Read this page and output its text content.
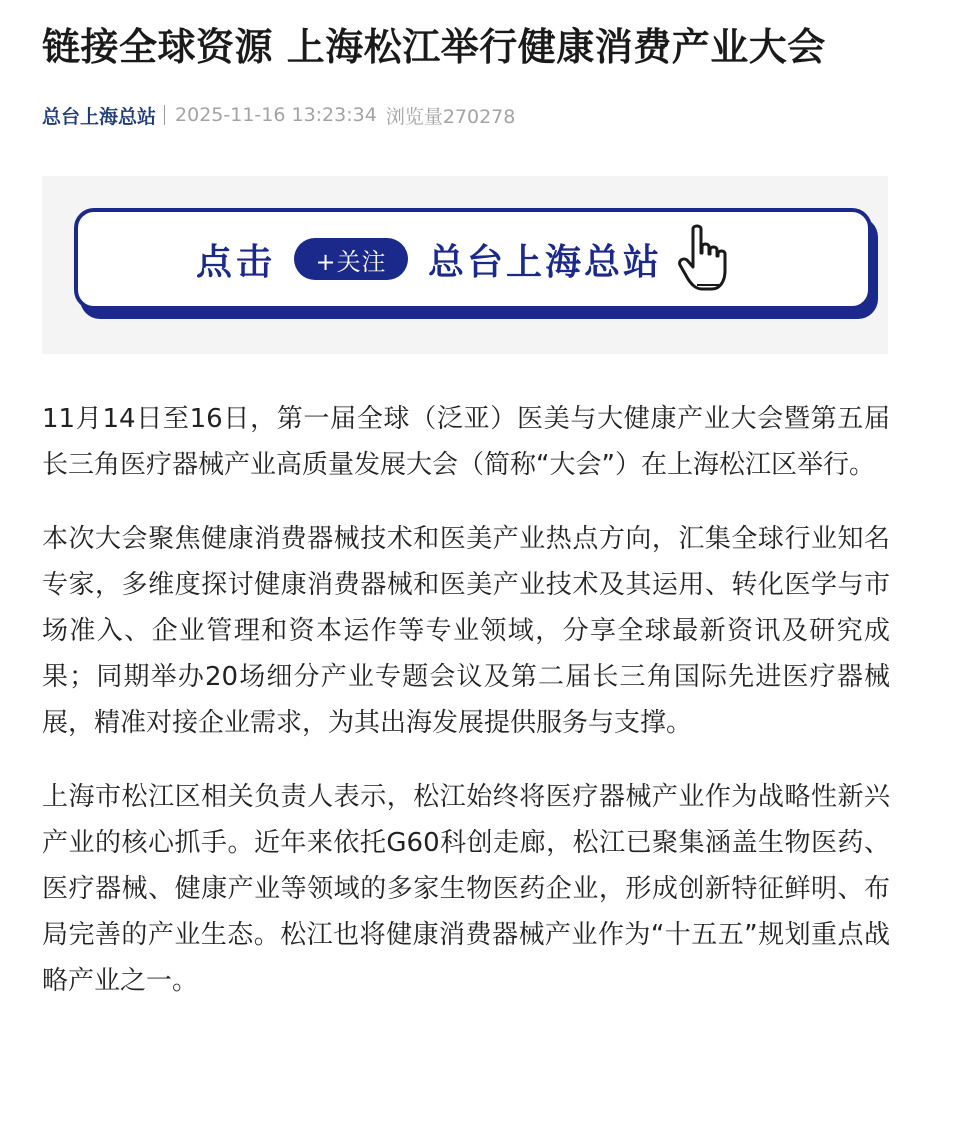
链接全球资源 上海松江举行健康消费产业大会
总台上海总站 2025-11-16 13:23:34 浏览量270278
点击	+关注	总台上海总站

11月14日至16日，第一届全球（泛亚）医美与大健康产业大会暨第五届长三角医疗器械产业高质量发展大会（简称“大会”）在上海松江区举行。

本次大会聚焦健康消费器械技术和医美产业热点方向，汇集全球行业知名专家，多维度探讨健康消费器械和医美产业技术及其运用、转化医学与市场准入、企业管理和资本运作等专业领域，分享全球最新资讯及研究成果；同期举办20场细分产业专题会议及第二届长三角国际先进医疗器械展，精准对接企业需求，为其出海发展提供服务与支撑。

上海市松江区相关负责人表示，松江始终将医疗器械产业作为战略性新兴产业的核心抓手。近年来依托G60科创走廊，松江已聚集涵盖生物医药、医疗器械、健康产业等领域的多家生物医药企业，形成创新特征鲜明、布局完善的产业生态。松江也将健康消费器械产业作为“十五五”规划重点战略产业之一。
